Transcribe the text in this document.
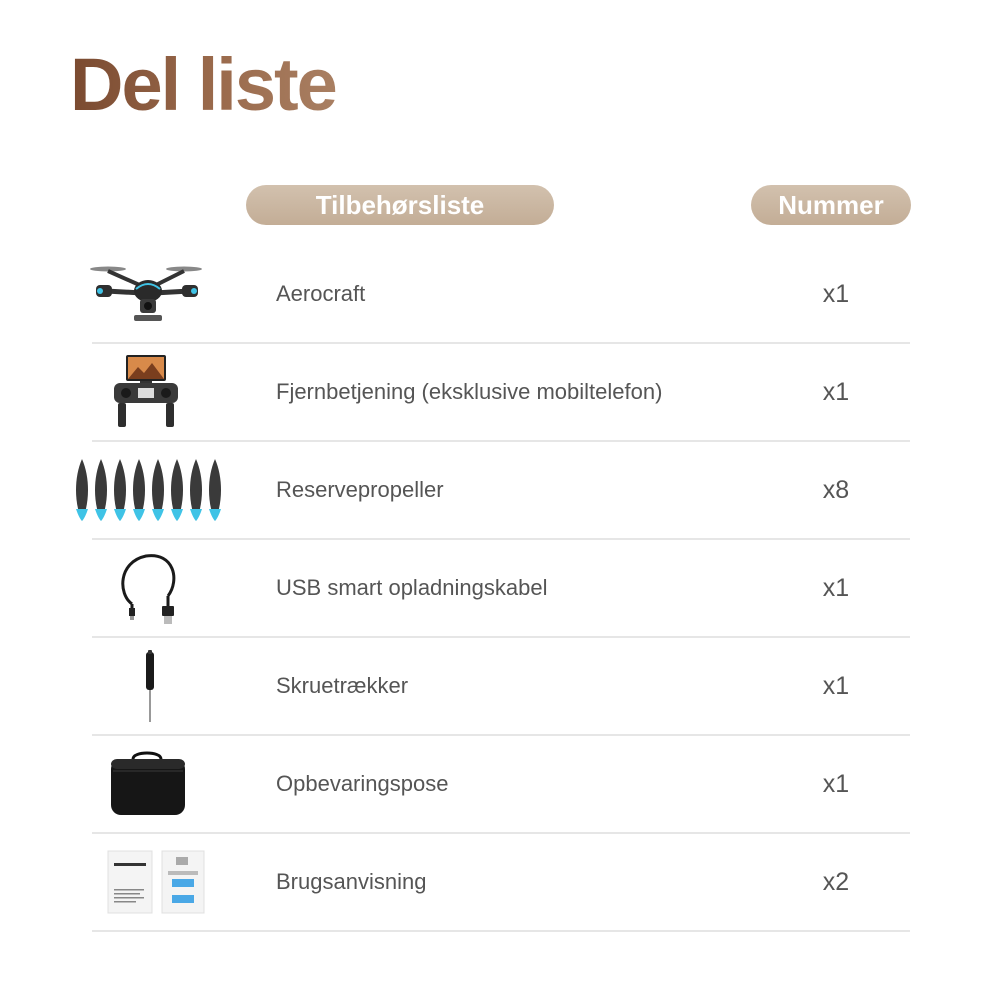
Del liste
Tilbehørsliste	Nummer
Aerocraft	x1
Fjernbetjening (eksklusive mobiltelefon)	x1
Reservepropeller	x8
USB smart opladningskabel	x1
Skruetrækker	x1
Opbevaringspose	x1
Brugsanvisning	x2
